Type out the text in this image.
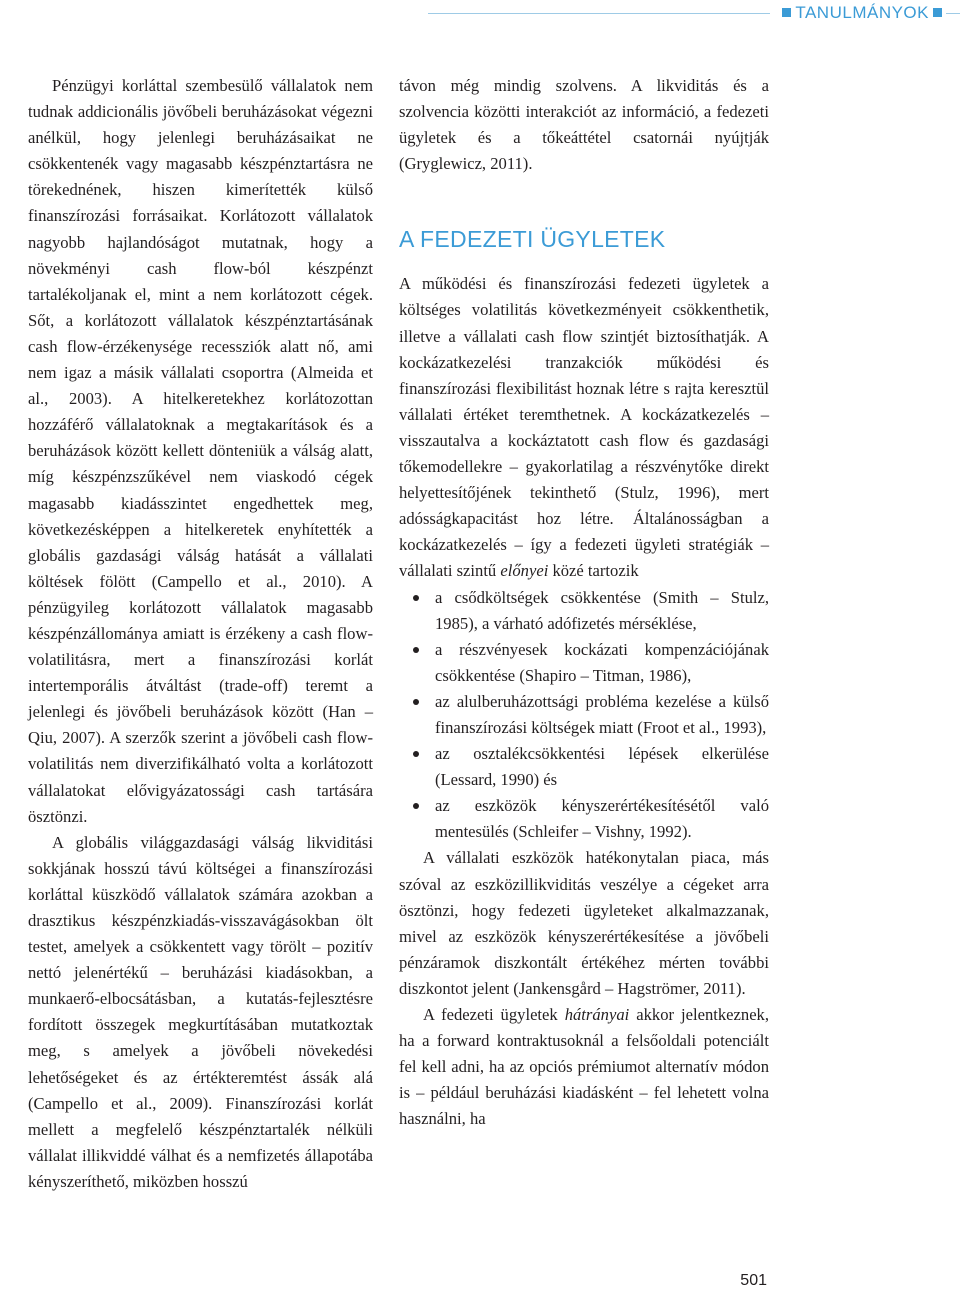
TANULMÁNYOK

Pénzügyi korláttal szembesülő vállalatok nem tudnak addicionális jövőbeli beruházásokat végezni anélkül, hogy jelenlegi beruházásaikat ne csökkentenék vagy magasabb készpénztartásra ne törekednének, hiszen kimerítették külső finanszírozási forrásaikat. Korlátozott vállalatok nagyobb hajlandóságot mutatnak, hogy a növekményi cash flow-ból készpénzt tartalékoljanak el, mint a nem korlátozott cégek. Sőt, a korlátozott vállalatok készpénztartásának cash flow-érzékenysége recessziók alatt nő, ami nem igaz a másik vállalati csoportra (Almeida et al., 2003). A hitelkeretekhez korlátozottan hozzáférő vállalatoknak a megtakarítások és a beruházások között kellett dönteniük a válság alatt, míg készpénzszűkével nem viaskodó cégek magasabb kiadásszintet engedhettek meg, következésképpen a hitelkeretek enyhítették a globális gazdasági válság hatását a vállalati költések fölött (Campello et al., 2010). A pénzügyileg korlátozott vállalatok magasabb készpénzállománya amiatt is érzékeny a cash flow-volatilitásra, mert a finanszírozási korlát intertemporális átváltást (trade-off) teremt a jelenlegi és jövőbeli beruházások között (Han – Qiu, 2007). A szerzők szerint a jövőbeli cash flow-volatilitás nem diverzifikálható volta a korlátozott vállalatokat elővigyázatossági cash tartására ösztönzi.

A globális világgazdasági válság likviditási sokkjának hosszú távú költségei a finanszírozási korláttal küszködő vállalatok számára azokban a drasztikus készpénzkiadás-visszavágásokban ölt testet, amelyek a csökkentett vagy törölt – pozitív nettó jelenértékű – beruházási kiadásokban, a munkaerő-elbocsátásban, a kutatás-fejlesztésre fordított összegek megkurtításában mutatkoztak meg, s amelyek a jövőbeli növekedési lehetőségeket és az értékteremtést ássák alá (Campello et al., 2009). Finanszírozási korlát mellett a megfelelő készpénztartalék nélküli vállalat illikviddé válhat és a nemfizetés állapotába kényszeríthető, miközben hosszú

távon még mindig szolvens. A likviditás és a szolvencia közötti interakciót az információ, a fedezeti ügyletek és a tőkeáttétel csatornái nyújtják (Gryglewicz, 2011).

A FEDEZETI ÜGYLETEK

A működési és finanszírozási fedezeti ügyletek a költséges volatilitás következményeit csökkenthetik, illetve a vállalati cash flow szintjét biztosíthatják. A kockázatkezelési tranzakciók működési és finanszírozási flexibilitást hoznak létre s rajta keresztül vállalati értéket teremthetnek. A kockázatkezelés – visszautalva a kockáztatott cash flow és gazdasági tőkemodellekre – gyakorlatilag a részvénytőke direkt helyettesítőjének tekinthető (Stulz, 1996), mert adósságkapacitást hoz létre. Általánosságban a kockázatkezelés – így a fedezeti ügyleti stratégiák – vállalati szintű előnyei közé tartozik

a csődköltségek csökkentése (Smith – Stulz, 1985), a várható adófizetés mérséklése,
a részvényesek kockázati kompenzációjának csökkentése (Shapiro – Titman, 1986),
az alulberuházottsági probléma kezelése a külső finanszírozási költségek miatt (Froot et al., 1993),
az osztalékcsökkentési lépések elkerülése (Lessard, 1990) és
az eszközök kényszerértékesítésétől való mentesülés (Schleifer – Vishny, 1992).

A vállalati eszközök hatékonytalan piaca, más szóval az eszközillikviditás veszélye a cégeket arra ösztönzi, hogy fedezeti ügyleteket alkalmazzanak, mivel az eszközök kényszerértékesítése a jövőbeli pénzáramok diszkontált értékéhez mérten további diszkontot jelent (Jankensgård – Hagströmer, 2011).

A fedezeti ügyletek hátrányai akkor jelentkeznek, ha a forward kontraktusoknál a felsőoldali potenciált fel kell adni, ha az opciós prémiumot alternatív módon is – például beruházási kiadásként – fel lehetett volna használni, ha

501
